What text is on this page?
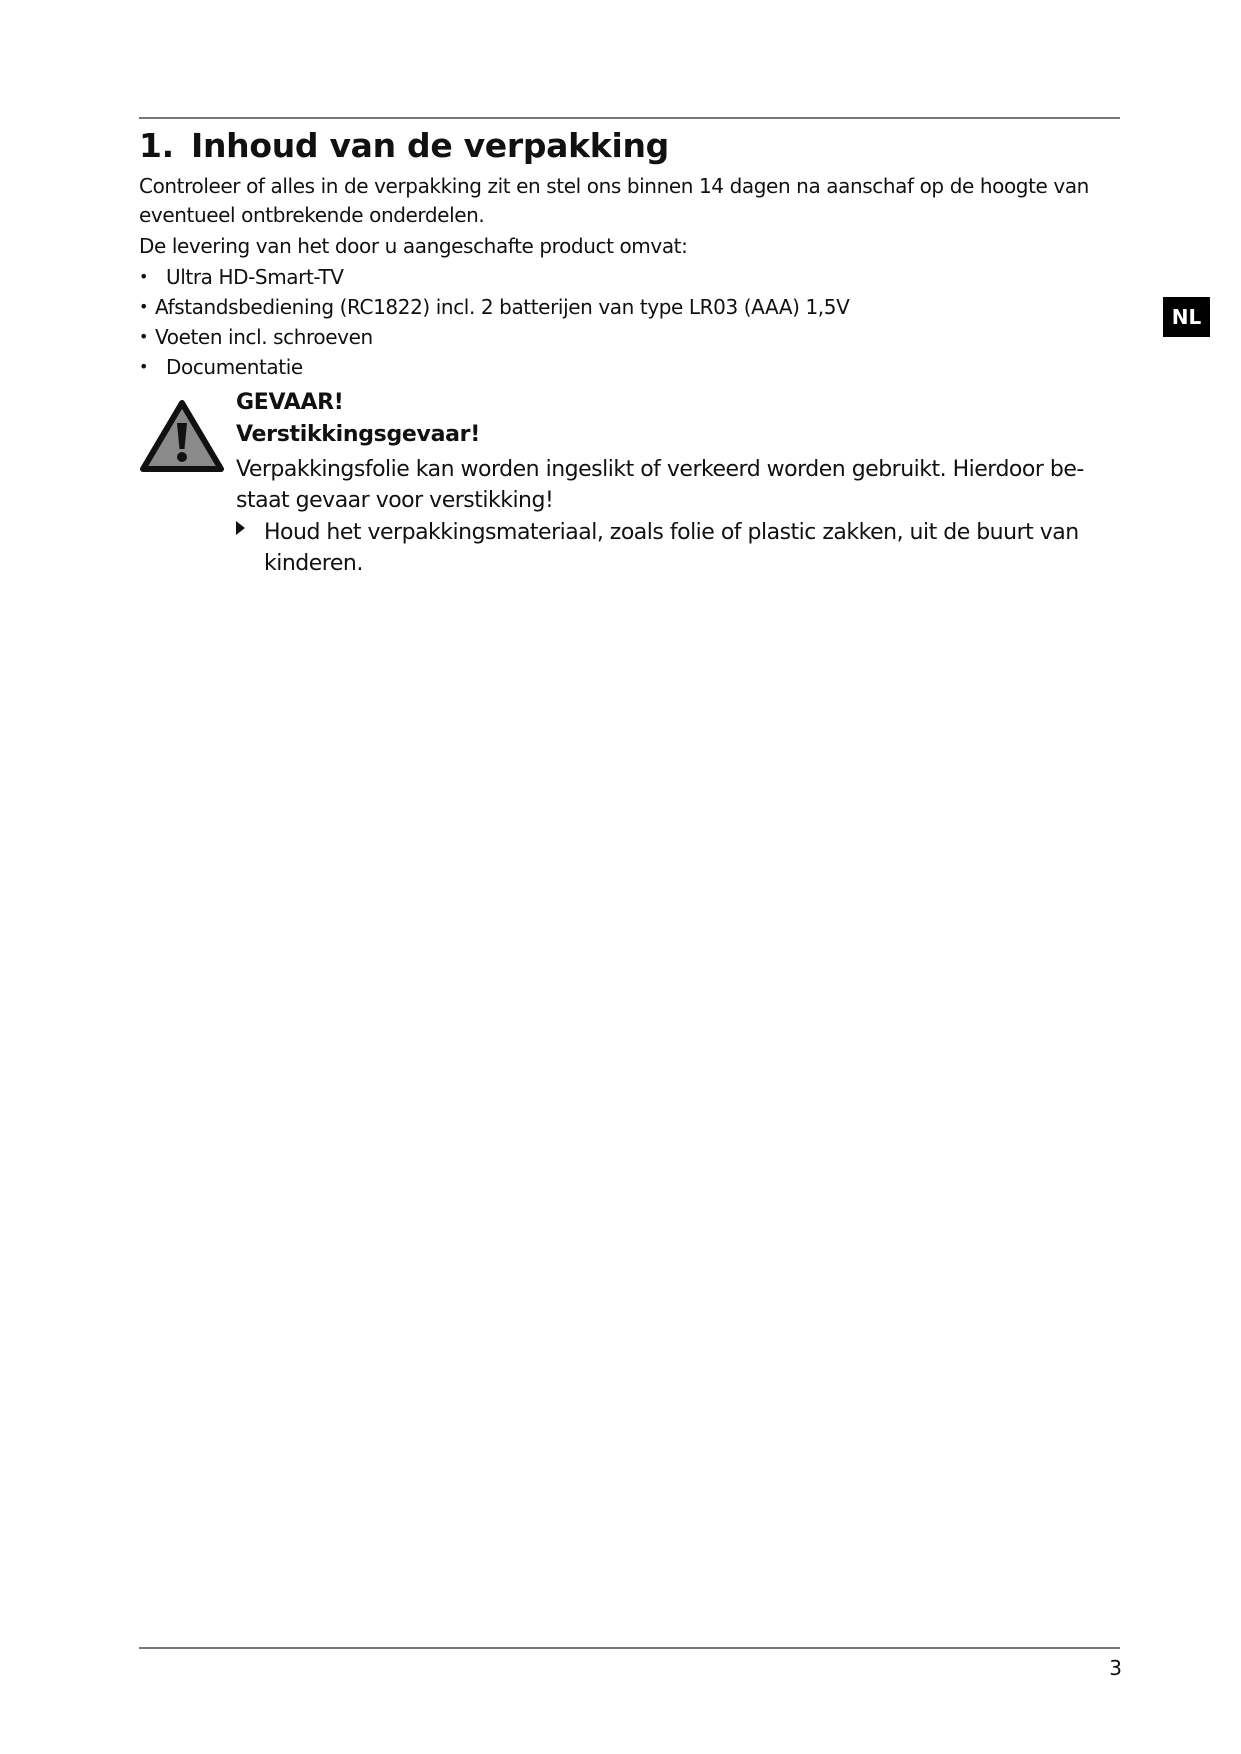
1. Inhoud van de verpakking

Controleer of alles in de verpakking zit en stel ons binnen 14 dagen na aanschaf op de hoogte van eventueel ontbrekende onderdelen.

De levering van het door u aangeschafte product omvat:

• Ultra HD-Smart-TV
• Afstandsbediening (RC1822) incl. 2 batterijen van type LR03 (AAA) 1,5V
• Voeten incl. schroeven
• Documentatie

GEVAAR!

Verstikkingsgevaar!

Verpakkingsfolie kan worden ingeslikt of verkeerd worden gebruikt. Hierdoor be- staat gevaar voor verstikking!

Houd het verpakkingsmateriaal, zoals folie of plastic zakken, uit de buurt van kinderen.
NL

3
